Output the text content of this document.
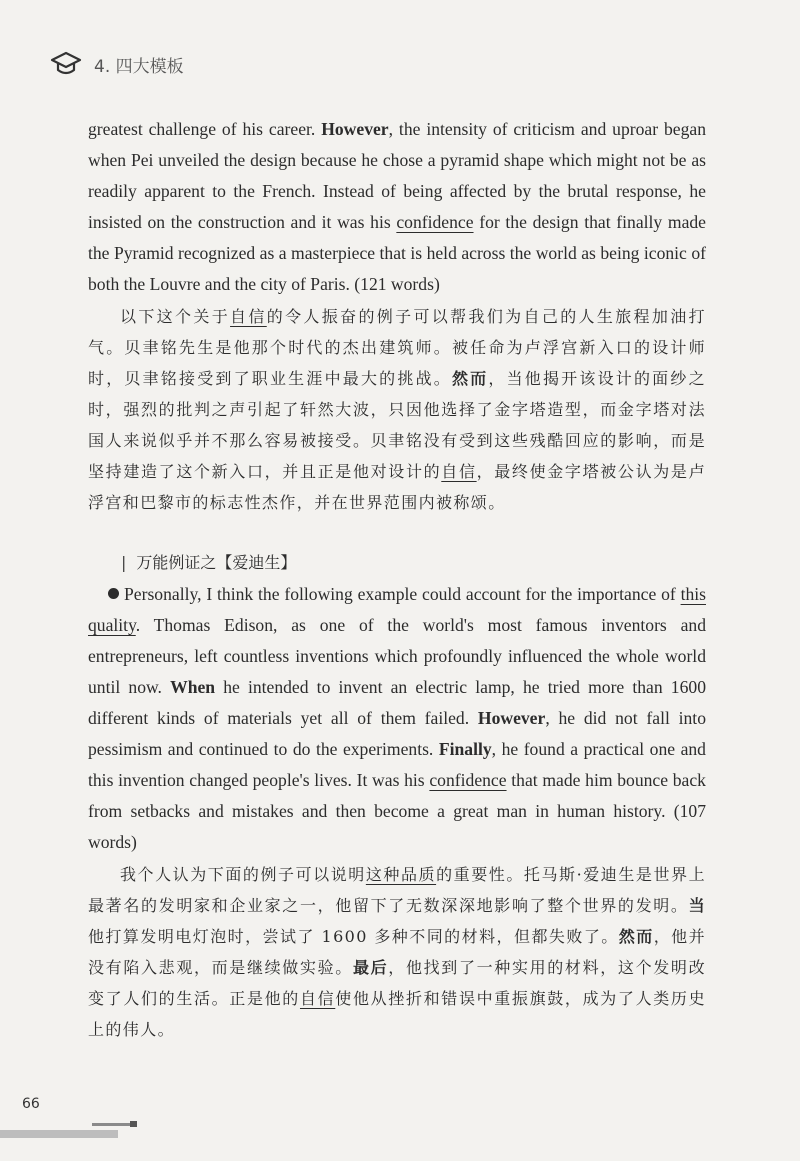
4. 四大模板

greatest challenge of his career. However, the intensity of criticism and uproar began when Pei unveiled the design because he chose a pyramid shape which might not be as readily apparent to the French. Instead of being affected by the brutal response, he insisted on the construction and it was his confidence for the design that finally made the Pyramid recognized as a masterpiece that is held across the world as being iconic of both the Louvre and the city of Paris. (121 words)

以下这个关于自信的令人振奋的例子可以帮我们为自己的人生旅程加油打气。贝聿铭先生是他那个时代的杰出建筑师。被任命为卢浮宫新入口的设计师时，贝聿铭接受到了职业生涯中最大的挑战。然而，当他揭开该设计的面纱之时，强烈的批判之声引起了轩然大波，只因他选择了金字塔造型，而金字塔对法国人来说似乎并不那么容易被接受。贝聿铭没有受到这些残酷回应的影响，而是坚持建造了这个新入口，并且正是他对设计的自信，最终使金字塔被公认为是卢浮宫和巴黎市的标志性杰作，并在世界范围内被称颂。

| 万能例证之【爱迪生】

Personally, I think the following example could account for the importance of this quality. Thomas Edison, as one of the world's most famous inventors and entrepreneurs, left countless inventions which profoundly influenced the whole world until now. When he intended to invent an electric lamp, he tried more than 1600 different kinds of materials yet all of them failed. However, he did not fall into pessimism and continued to do the experiments. Finally, he found a practical one and this invention changed people's lives. It was his confidence that made him bounce back from setbacks and mistakes and then become a great man in human history. (107 words)

我个人认为下面的例子可以说明这种品质的重要性。托马斯·爱迪生是世界上最著名的发明家和企业家之一，他留下了无数深深地影响了整个世界的发明。当他打算发明电灯泡时，尝试了 1600 多种不同的材料，但都失败了。然而，他并没有陷入悲观，而是继续做实验。最后，他找到了一种实用的材料，这个发明改变了人们的生活。正是他的自信使他从挫折和错误中重振旗鼓，成为了人类历史上的伟人。

66
